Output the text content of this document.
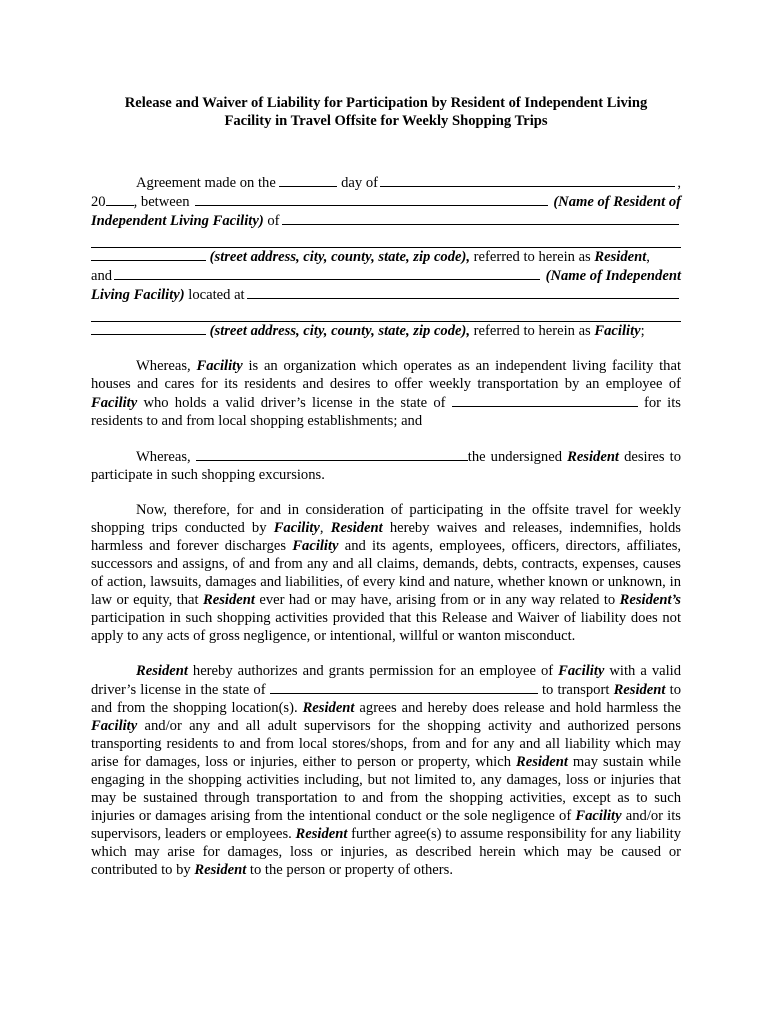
Release and Waiver of Liability for Participation by Resident of Independent Living

Facility in Travel Offsite for Weekly Shopping Trips

Agreement made on the

	day of	,
20 , between

	(Name of Resident of
Independent Living Facility)
of

(street address, city, county, state, zip code),
referred to herein as
Resident ,
and
	(Name of Independent
Living Facility)
located at

(street address, city, county, state, zip code),
referred to herein as
Facility ;

Whereas, Facility is an organization which operates as an independent living facility that houses and cares for its residents and desires to offer weekly transportation by an employee of Facility who holds a valid driver’s license in the state of	for its residents to and from local shopping establishments; and

Whereas,	the undersigned Resident desires to participate in such shopping excursions.

Now, therefore, for and in consideration of participating in the offsite travel for weekly shopping trips conducted by Facility, Resident hereby waives and releases, indemnifies, holds harmless and forever discharges Facility and its agents, employees, officers, directors, affiliates, successors and assigns, of and from any and all claims, demands, debts, contracts, expenses, causes of action, lawsuits, damages and liabilities, of every kind and nature, whether known or unknown, in law or equity, that Resident ever had or may have, arising from or in any way related to Resident’s participation in such shopping activities provided that this Release and Waiver of liability does not apply to any acts of gross negligence, or intentional, willful or wanton misconduct.

Resident hereby authorizes and grants permission for an employee of Facility with a valid driver’s license in the state of	to transport Resident to and from the shopping location(s). Resident agrees and hereby does release and hold harmless the Facility and/or any and all adult supervisors for the shopping activity and authorized persons transporting residents to and from local stores/shops, from and for any and all liability which may arise for damages, loss or injuries, either to person or property, which Resident may sustain while engaging in the shopping activities including, but not limited to, any damages, loss or injuries that may be sustained through transportation to and from the shopping activities, except as to such injuries or damages arising from the intentional conduct or the sole negligence of Facility and/or its supervisors, leaders or employees. Resident further agree(s) to assume responsibility for any liability which may arise for damages, loss or injuries, as described herein which may be caused or contributed to by Resident to the person or property of others.
